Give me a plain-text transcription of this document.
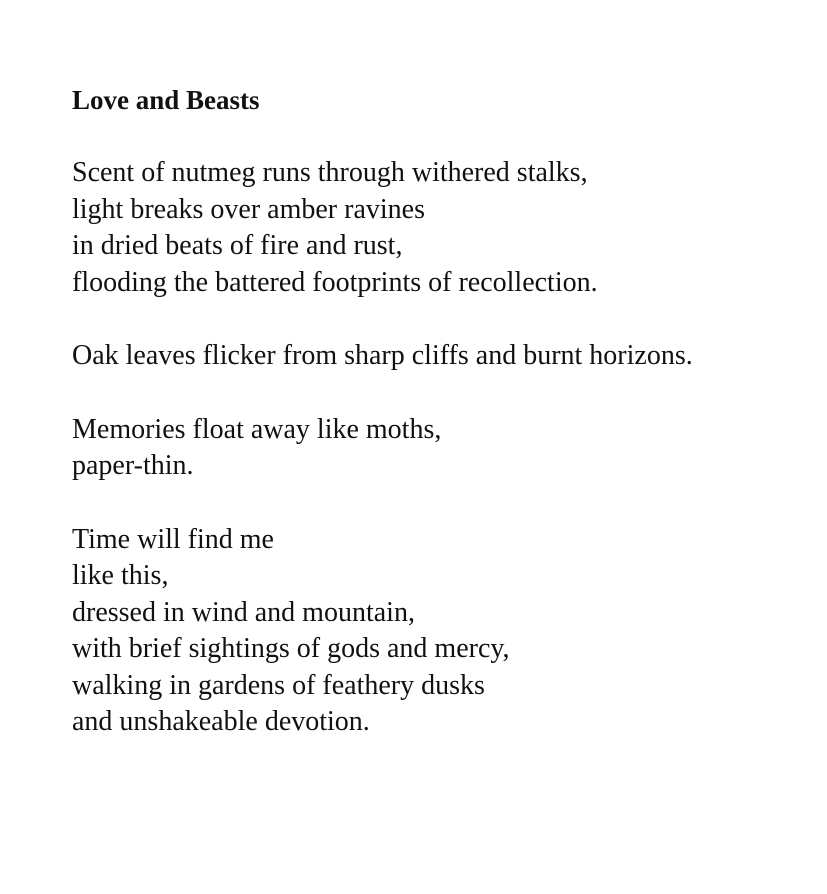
Love and Beasts
Scent of nutmeg runs through withered stalks,
light breaks over amber ravines
in dried beats of fire and rust,
flooding the battered footprints of recollection.
Oak leaves flicker from sharp cliffs and burnt horizons.
Memories float away like moths,
paper-thin.
Time will find me
like this,
dressed in wind and mountain,
with brief sightings of gods and mercy,
walking in gardens of feathery dusks
and unshakeable devotion.
